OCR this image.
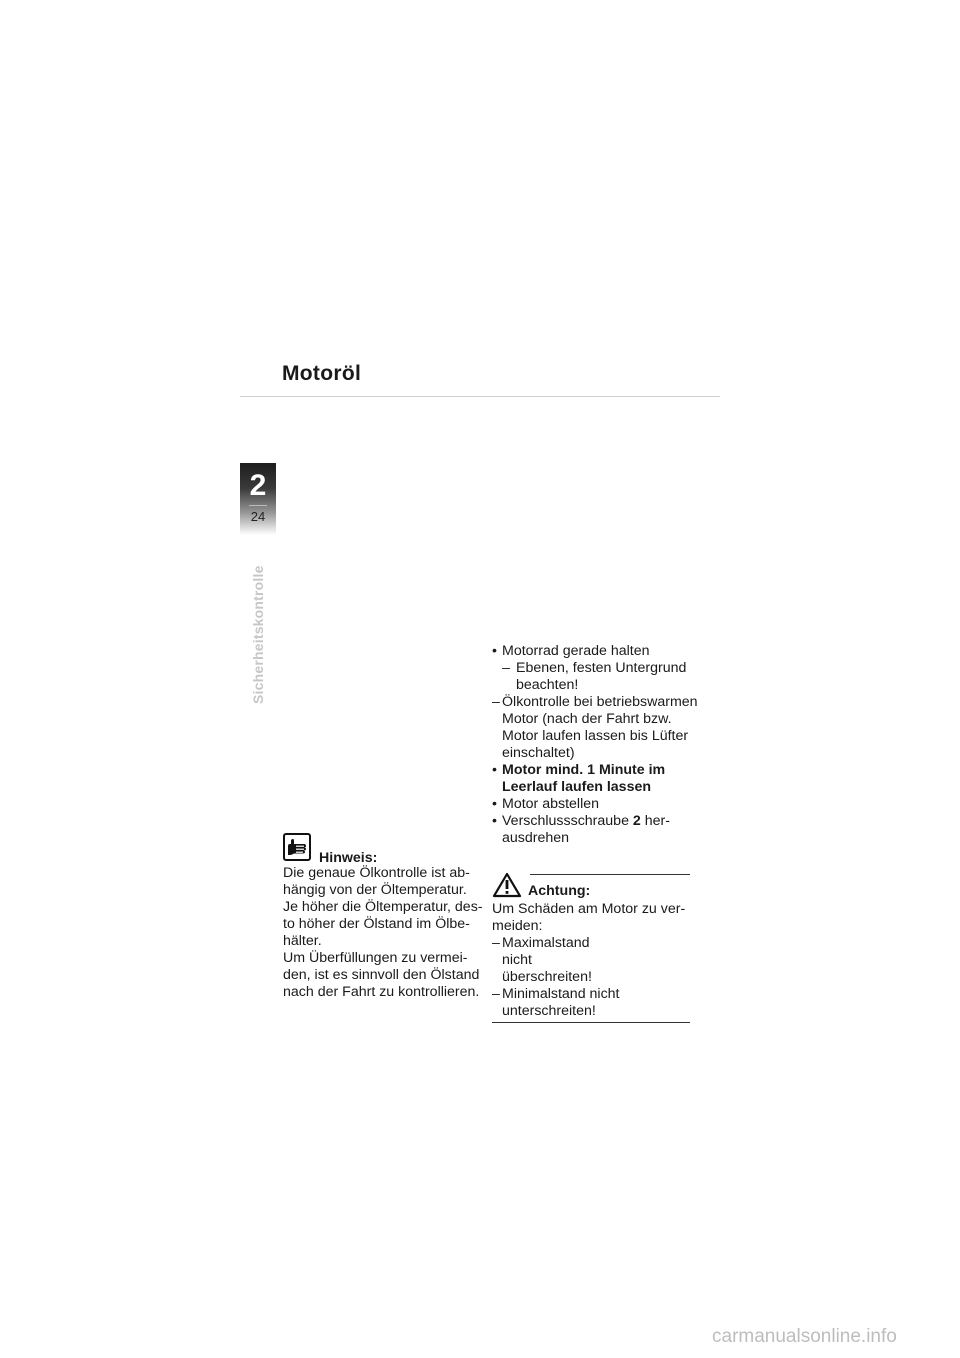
Motoröl
2
24
Sicherheitskontrolle	• Motorrad gerade halten
– Ebenen, festen Untergrund beachten!
– Ölkontrolle bei betriebswarmen Motor (nach der Fahrt bzw. Motor laufen lassen bis Lüfter einschaltet)
• Motor mind. 1 Minute im Leerlauf laufen lassen
• Motor abstellen
• Verschlussschraube 2 herausdrehen
Hinweis:
Die genaue Ölkontrolle ist ab-
hängig von der Öltemperatur.
Je höher die Öltemperatur, des-
to höher der Ölstand im Ölbe-
hälter.
Um Überfüllungen zu vermei-
den, ist es sinnvoll den Ölstand
nach der Fahrt zu kontrollieren.
Achtung:
Um Schäden am Motor zu ver-
meiden:
– Maximalstand nicht überschreiten!
– Minimalstand nicht unterschreiten!
carmanualsonline.info
